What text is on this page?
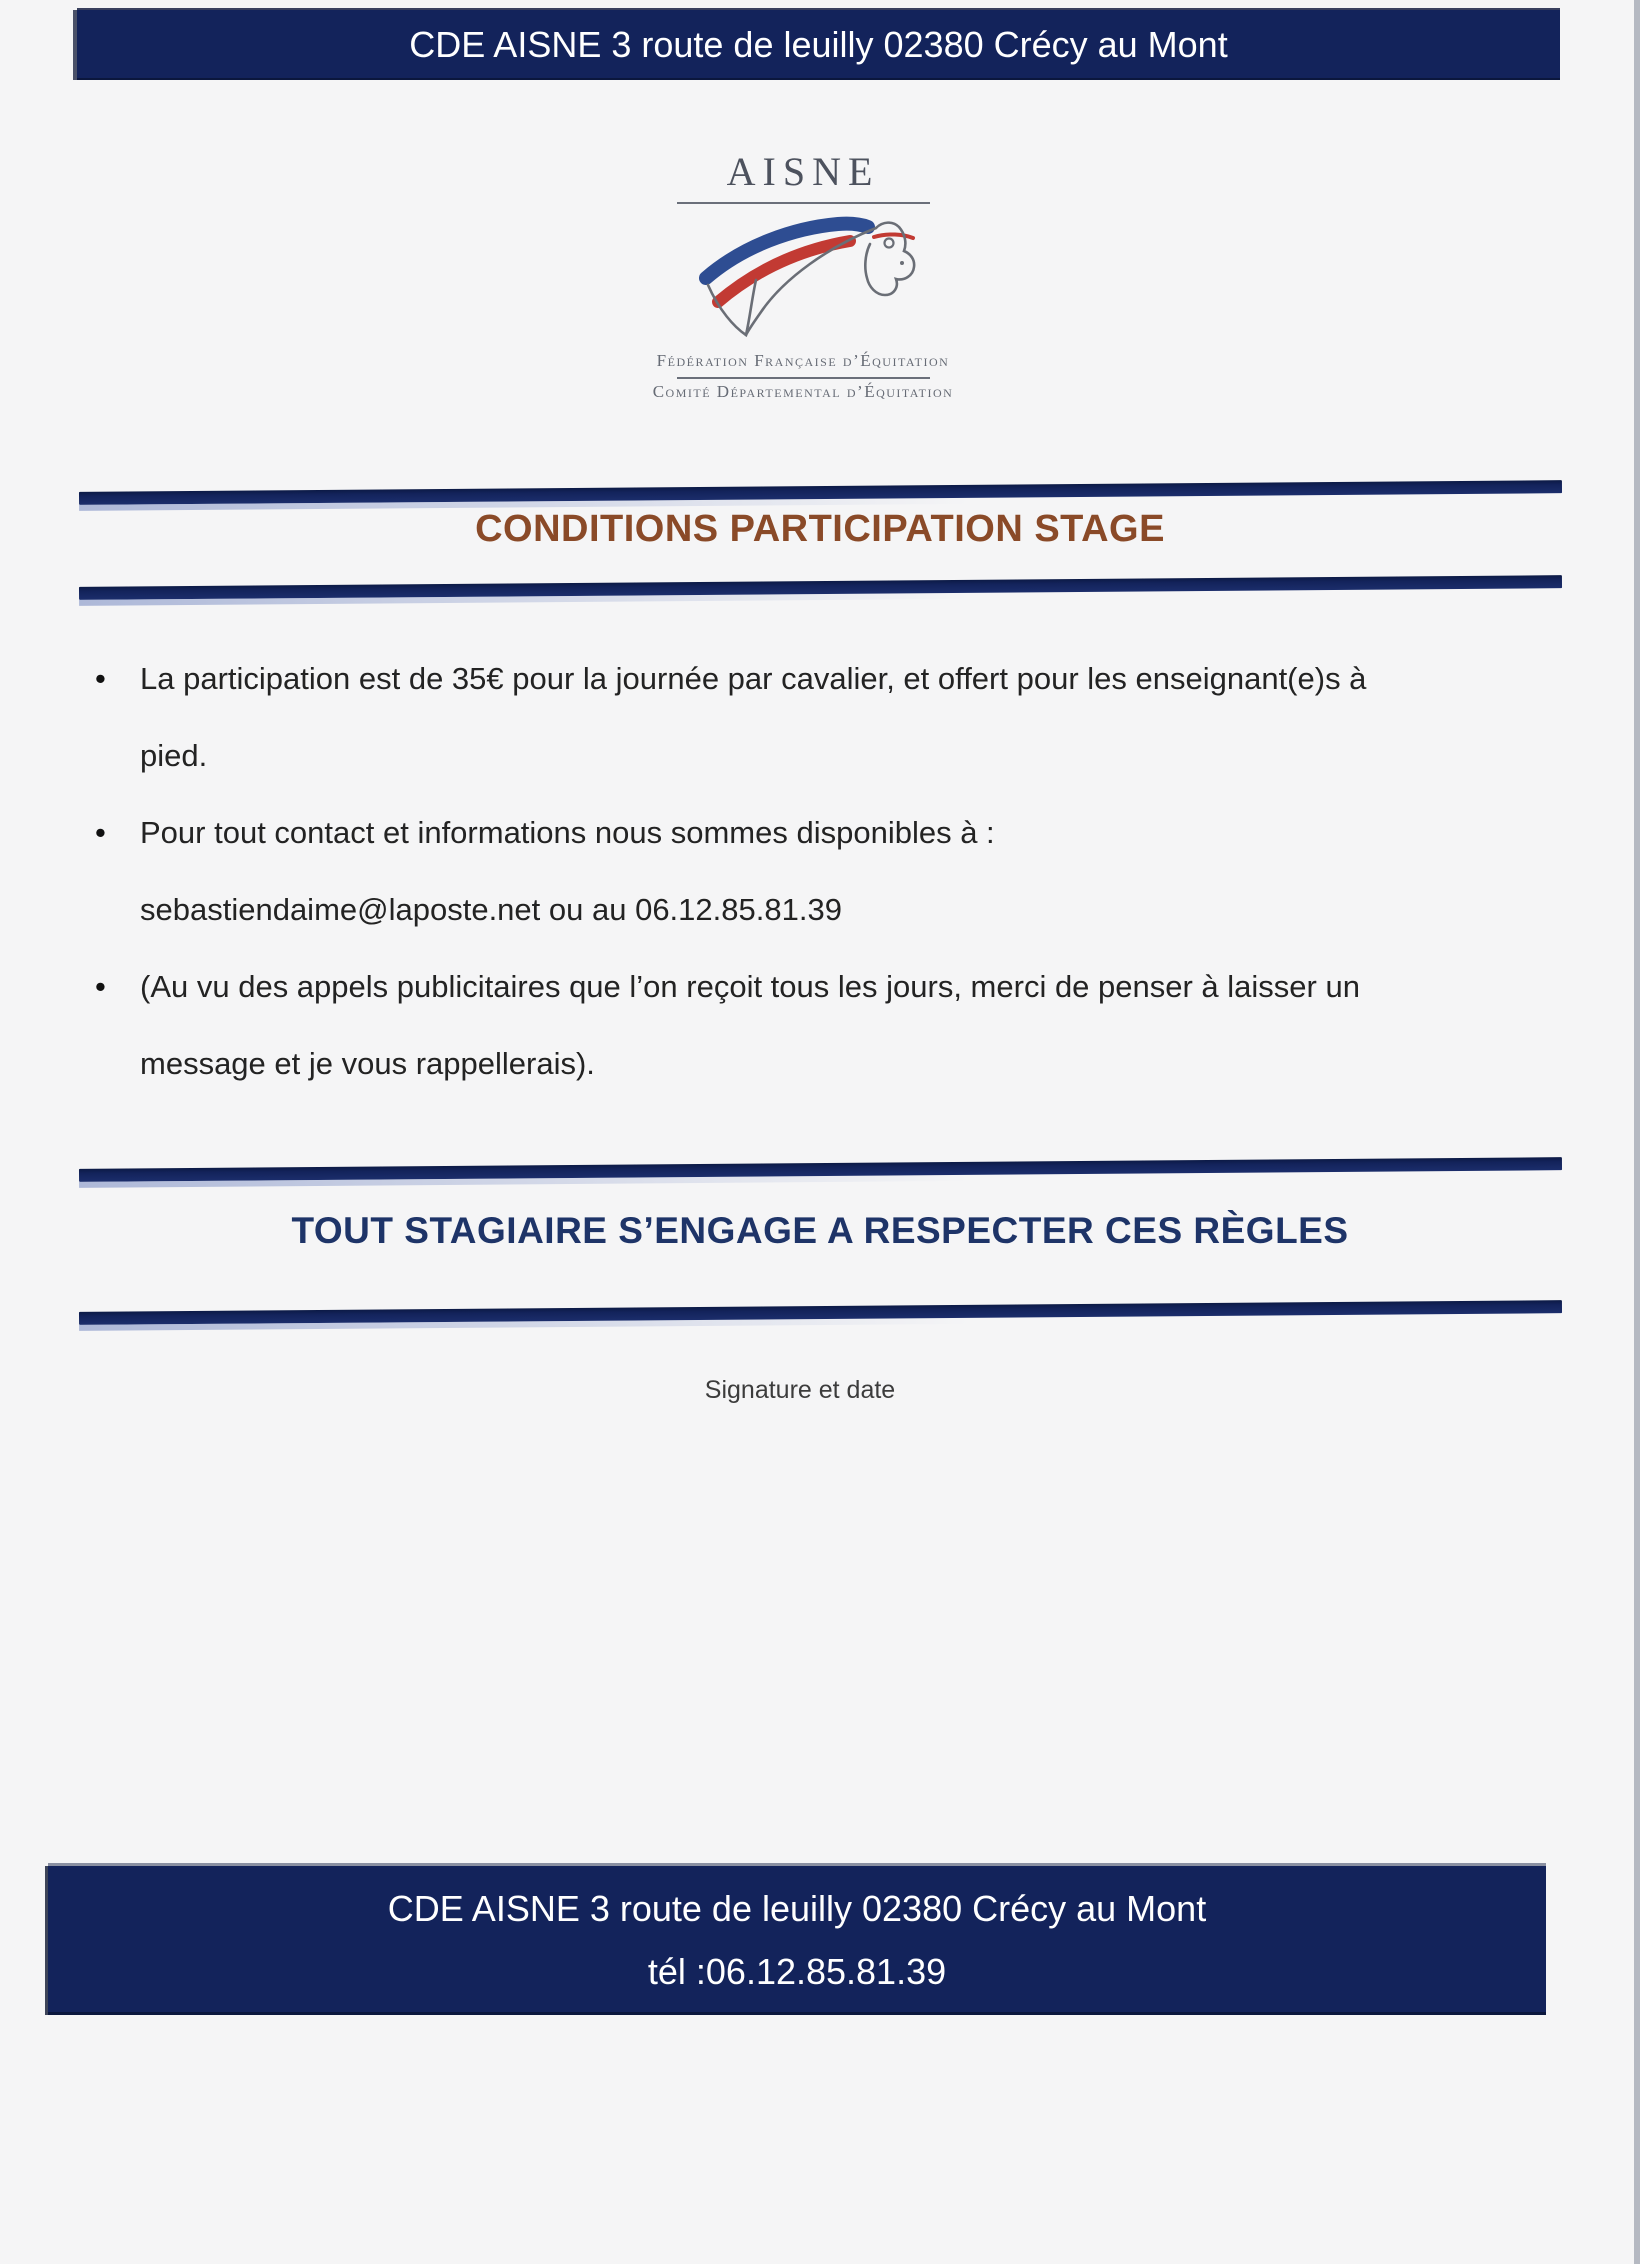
CDE AISNE 3 route de leuilly 02380 Crécy au Mont
AISNE
Fédération Française d’Équitation
Comité Départemental d’Équitation
CONDITIONS PARTICIPATION STAGE
• La participation est de 35€ pour la journée par cavalier, et offert pour les enseignant(e)s à
pied.
• Pour tout contact et informations nous sommes disponibles à :
sebastiendaime@laposte.net ou au 06.12.85.81.39
• (Au vu des appels publicitaires que l’on reçoit tous les jours, merci de penser à laisser un
message et je vous rappellerais).
TOUT STAGIAIRE S’ENGAGE A RESPECTER CES RÈGLES
Signature et date
CDE AISNE 3 route de leuilly 02380 Crécy au Mont
tél :06.12.85.81.39
